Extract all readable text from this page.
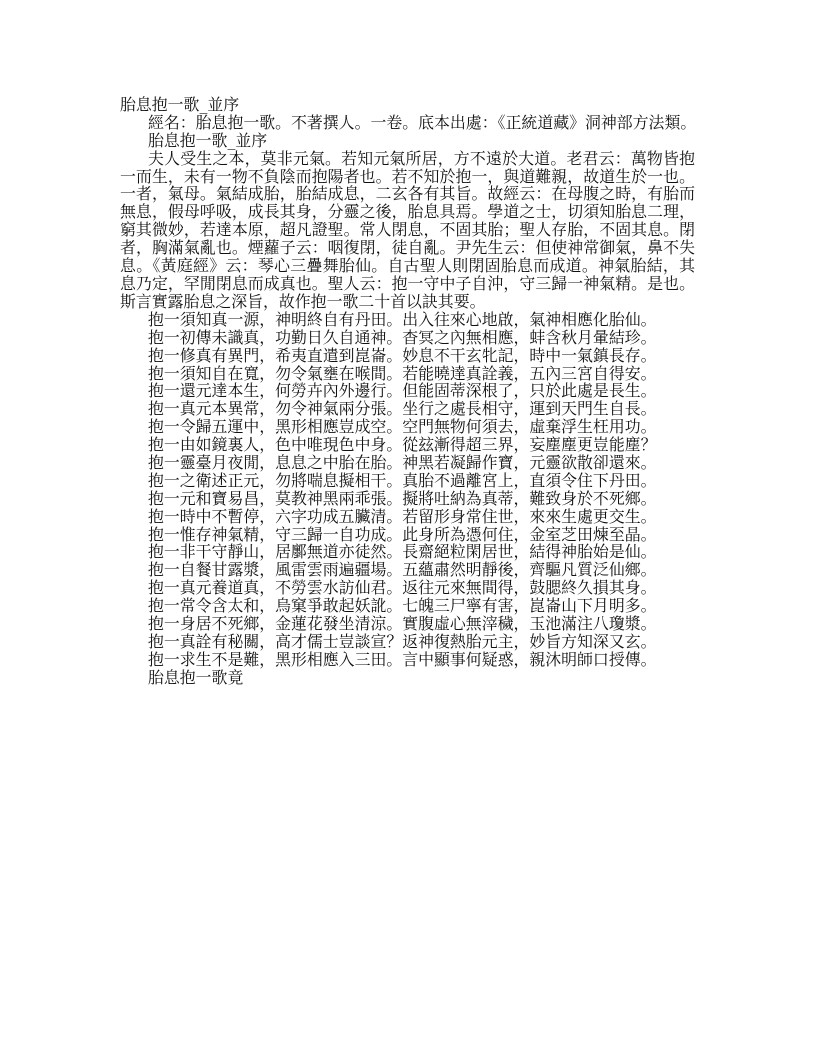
胎息抱一歌_並序
經名：胎息抱一歌。不著撰人。一卷。底本出處：《正統道藏》洞神部方法類。
胎息抱一歌_並序
夫人受生之本，莫非元氣。若知元氣所居，方不遠於大道。老君云：萬物皆抱一而生，未有一物不負陰而抱陽者也。若不知於抱一，與道難親，故道生於一也。一者，氣母。氣結成胎，胎結成息，二玄各有其旨。故經云：在母腹之時，有胎而無息，假母呼吸，成長其身，分靈之後，胎息具焉。學道之士，切須知胎息二理，窮其微妙，若達本原，超凡證聖。常人閉息，不固其胎；聖人存胎，不固其息。閉者，胸滿氣亂也。煙蘿子云：咽復閉，徒自亂。尹先生云：但使神常御氣，鼻不失息。《黃庭經》云：琴心三疊舞胎仙。自古聖人則閉固胎息而成道。神氣胎結，其息乃定，罕閒閉息而成真也。聖人云：抱一守中子自沖，守三歸一神氣精。是也。斯言實露胎息之深旨，故作抱一歌二十首以訣其要。
抱一須知真一源，神明終自有丹田。出入往來心地啟，氣神相應化胎仙。
抱一初傳未識真，功勤日久自通神。杳冥之內無相應，蚌含秋月暈結珍。
抱一修真有異門，希夷直遣到崑崙。妙息不干玄牝記，時中一氣鎮長存。
抱一須知自在寬，勿令氣壅在喉間。若能曉達真詮義，五內三宮自得安。
抱一還元達本生，何勞卉內外邊行。但能固蒂深根了，只於此處是長生。
抱一真元本異常，勿令神氣兩分張。坐行之處長相守，運到天門生自長。
抱一令歸五運中，黑形相應豈成空。空門無物何須去，虛棄浮生枉用功。
抱一由如鏡裏人，色中唯現色中身。從玆漸得超三界，妄塵塵更豈能塵？
抱一靈臺月夜閒，息息之中胎在胎。神黑若凝歸作寶，元靈欲散卻還來。
抱一之衛述正元，勿將喘息擬相干。真胎不過離宮上，直須令住下丹田。
抱一元和寶易昌，莫教神黑兩乖張。擬將吐納為真蒂，難致身於不死鄉。
抱一時中不暫停，六字功成五臟清。若留形身常住世，來來生處更交生。
抱一惟存神氣精，守三歸一自功成。此身所為憑何住，金室芝田煉至晶。
抱一非干守靜山，居鄽無道亦徒然。長齋絕粒閑居世，結得神胎始是仙。
抱一自餐甘露漿，風雷雲雨遍疆場。五蘊肅然明靜後，齊驅凡質泛仙鄉。
抱一真元養道真，不勞雲水訪仙君。返往元來無間得，鼓腮終久損其身。
抱一常令含太和，烏窠爭敢起妖訛。七魄三尸寧有害，崑崙山下月明多。
抱一身居不死鄉，金蓮花發坐清涼。實腹虛心無滓穢，玉池滿注八瓊漿。
抱一真詮有秘關，高才儒士豈談宣？返神復熱胎元主，妙旨方知深又玄。
抱一求生不是難，黑形相應入三田。言中顯事何疑惑，親沐明師口授傳。
胎息抱一歌竟
